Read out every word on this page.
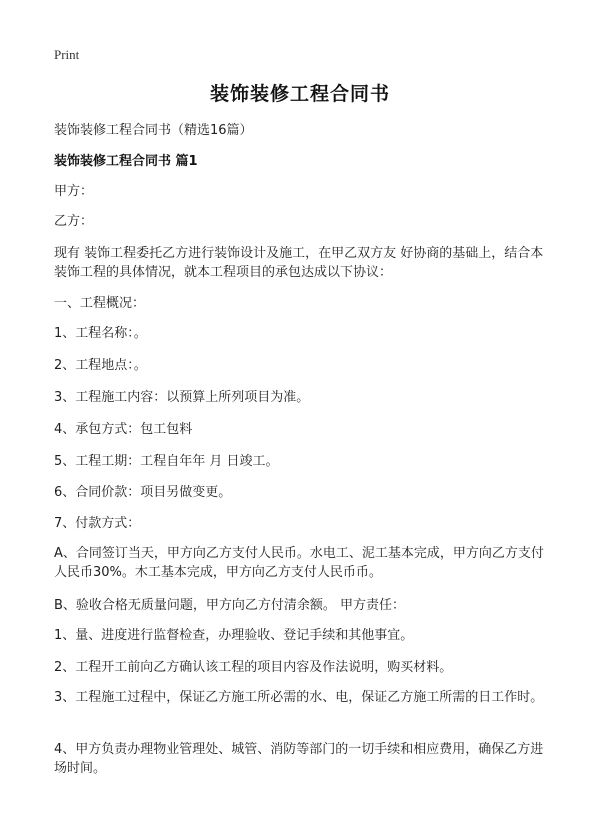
Print
装饰装修工程合同书

装饰装修工程合同书（精选16篇）

装饰装修工程合同书 篇1

甲方：

乙方：

现有 装饰工程委托乙方进行装饰设计及施工，在甲乙双方友 好协商的基础上，结合本装饰工程的具体情况，就本工程项目的承包达成以下协议：

一、工程概况：

1、工程名称：。

2、工程地点：。

3、工程施工内容：以预算上所列项目为准。

4、承包方式：包工包料

5、工程工期：工程自年年 月 日竣工。

6、合同价款：项目另做变更。

7、付款方式：

A、合同签订当天，甲方向乙方支付人民币。水电工、泥工基本完成，甲方向乙方支付人民币30%。木工基本完成，甲方向乙方支付人民币币。

B、验收合格无质量问题，甲方向乙方付清余额。 甲方责任：

1、量、进度进行监督检查，办理验收、登记手续和其他事宜。

2、工程开工前向乙方确认该工程的项目内容及作法说明，购买材料。

3、工程施工过程中，保证乙方施工所必需的水、电，保证乙方施工所需的日工作时。

4、甲方负责办理物业管理处、城管、消防等部门的一切手续和相应费用，确保乙方进场时间。
